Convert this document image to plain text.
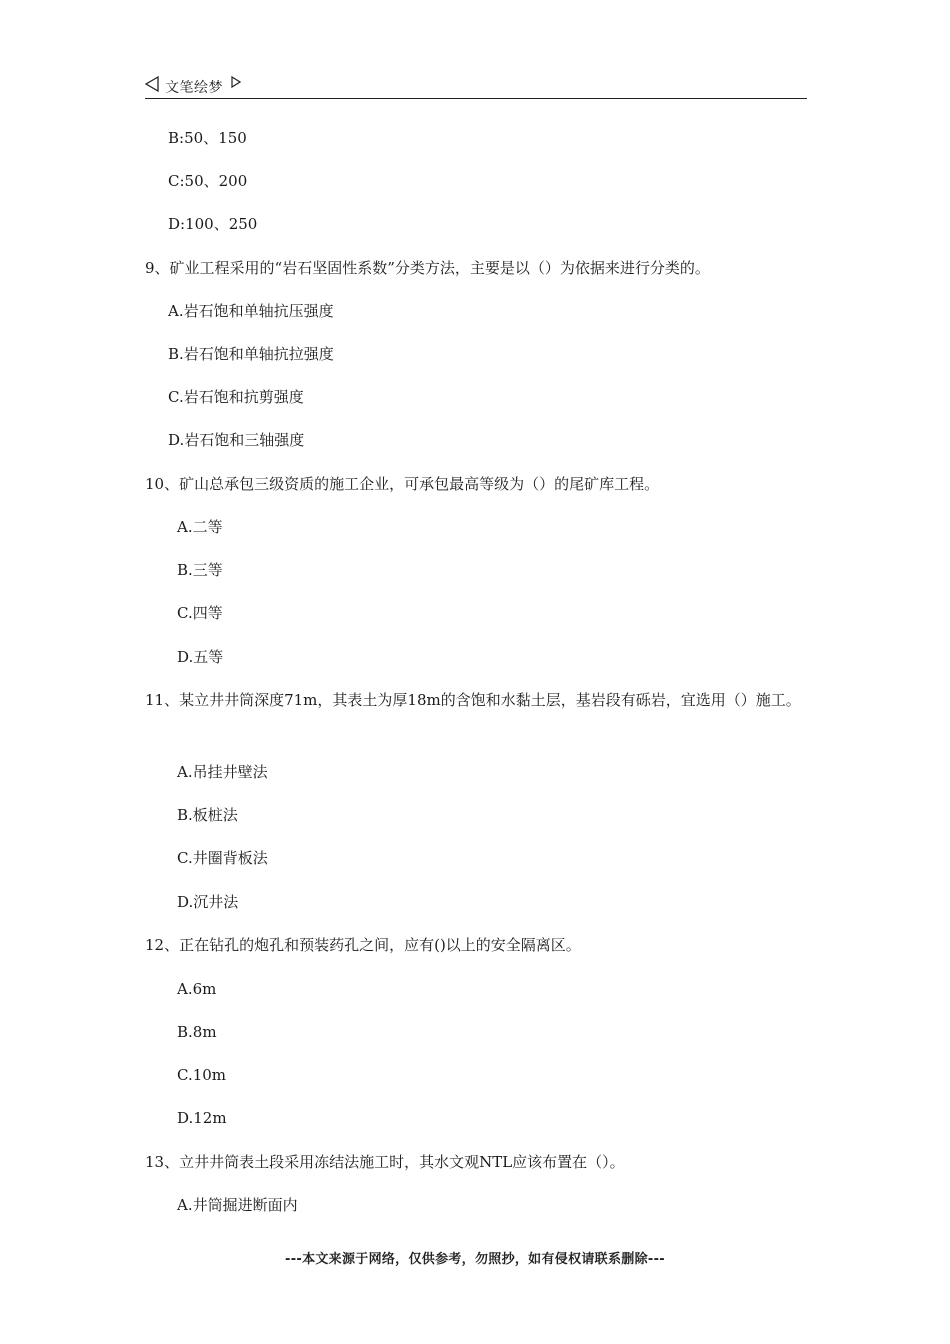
文笔绘梦
B:50、150
C:50、200
D:100、250
9、矿业工程采用的“岩石坚固性系数”分类方法，主要是以（）为依据来进行分类的。
A.岩石饱和单轴抗压强度
B.岩石饱和单轴抗拉强度
C.岩石饱和抗剪强度
D.岩石饱和三轴强度
10、矿山总承包三级资质的施工企业，可承包最高等级为（）的尾矿库工程。
A.二等
B.三等
C.四等
D.五等
11、某立井井筒深度71m，其表土为厚18m的含饱和水黏土层，基岩段有砾岩，宜选用（）施工。
A.吊挂井壁法
B.板桩法
C.井圈背板法
D.沉井法
12、正在钻孔的炮孔和预装药孔之间，应有()以上的安全隔离区。
A.6m
B.8m
C.10m
D.12m
13、立井井筒表土段采用冻结法施工时，其水文观NTL应该布置在（）。
A.井筒掘进断面内
---本文来源于网络，仅供参考，勿照抄，如有侵权请联系删除---
